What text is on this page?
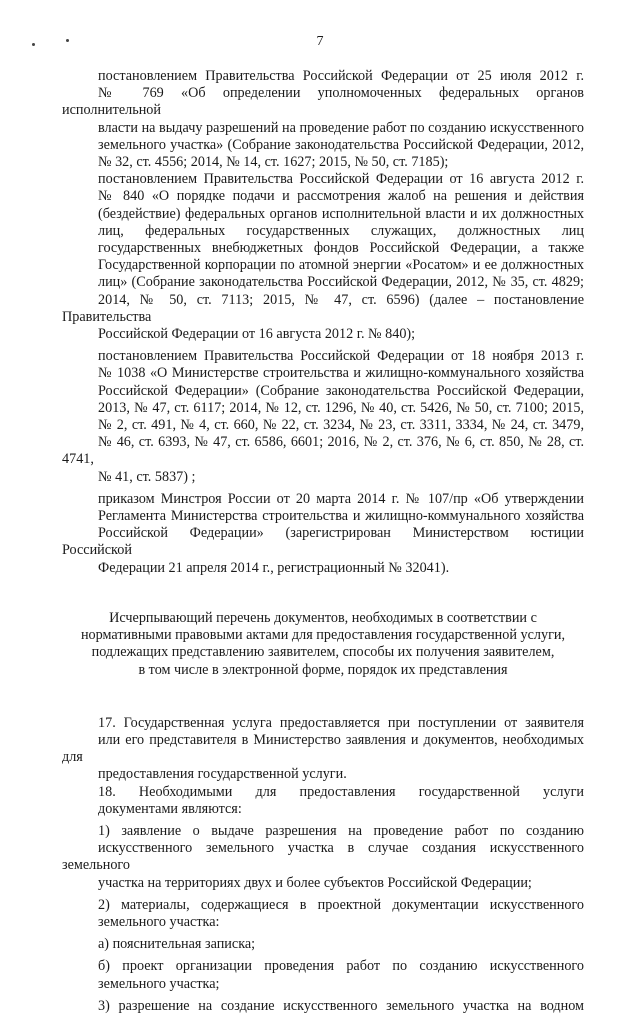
7

постановлением Правительства Российской Федерации от 25 июля 2012 г.
№ 769 «Об определении уполномоченных федеральных органов исполнительной
власти на выдачу разрешений на проведение работ по созданию искусственного
земельного участка» (Собрание законодательства Российской Федерации, 2012,
№ 32, ст. 4556; 2014, № 14, ст. 1627; 2015, № 50, ст. 7185);

постановлением Правительства Российской Федерации от 16 августа 2012 г.
№ 840 «О порядке подачи и рассмотрения жалоб на решения и действия
(бездействие) федеральных органов исполнительной власти и их должностных
лиц, федеральных государственных служащих, должностных лиц
государственных внебюджетных фондов Российской Федерации, а также
Государственной корпорации по атомной энергии «Росатом» и ее должностных
лиц» (Собрание законодательства Российской Федерации, 2012, № 35, ст. 4829;
2014, № 50, ст. 7113; 2015, № 47, ст. 6596) (далее – постановление Правительства
Российской Федерации от 16 августа 2012 г. № 840);

постановлением Правительства Российской Федерации от 18 ноября 2013 г.
№ 1038 «О Министерстве строительства и жилищно-коммунального хозяйства
Российской Федерации» (Собрание законодательства Российской Федерации,
2013, № 47, ст. 6117; 2014, № 12, ст. 1296, № 40, ст. 5426, № 50, ст. 7100; 2015,
№ 2, ст. 491, № 4, ст. 660, № 22, ст. 3234, № 23, ст. 3311, 3334, № 24, ст. 3479,
№ 46, ст. 6393, № 47, ст. 6586, 6601; 2016, № 2, ст. 376, № 6, ст. 850, № 28, ст. 4741,
№ 41, ст. 5837) ;

приказом Минстроя России от 20 марта 2014 г. № 107/пр «Об утверждении
Регламента Министерства строительства и жилищно-коммунального хозяйства
Российской Федерации» (зарегистрирован Министерством юстиции Российской
Федерации 21 апреля 2014 г., регистрационный № 32041).

Исчерпывающий перечень документов, необходимых в соответствии с
нормативными правовыми актами для предоставления государственной услуги,
подлежащих представлению заявителем, способы их получения заявителем,
в том числе в электронной форме, порядок их представления

17. Государственная услуга предоставляется при поступлении от заявителя
или его представителя в Министерство заявления и документов, необходимых для
предоставления государственной услуги.

18. Необходимыми для предоставления государственной услуги
документами являются:

1) заявление о выдаче разрешения на проведение работ по созданию
искусственного земельного участка в случае создания искусственного земельного
участка на территориях двух и более субъектов Российской Федерации;

2) материалы, содержащиеся в проектной документации искусственного
земельного участка:

а) пояснительная записка;

б) проект организации проведения работ по созданию искусственного
земельного участка;

3) разрешение на создание искусственного земельного участка на водном
